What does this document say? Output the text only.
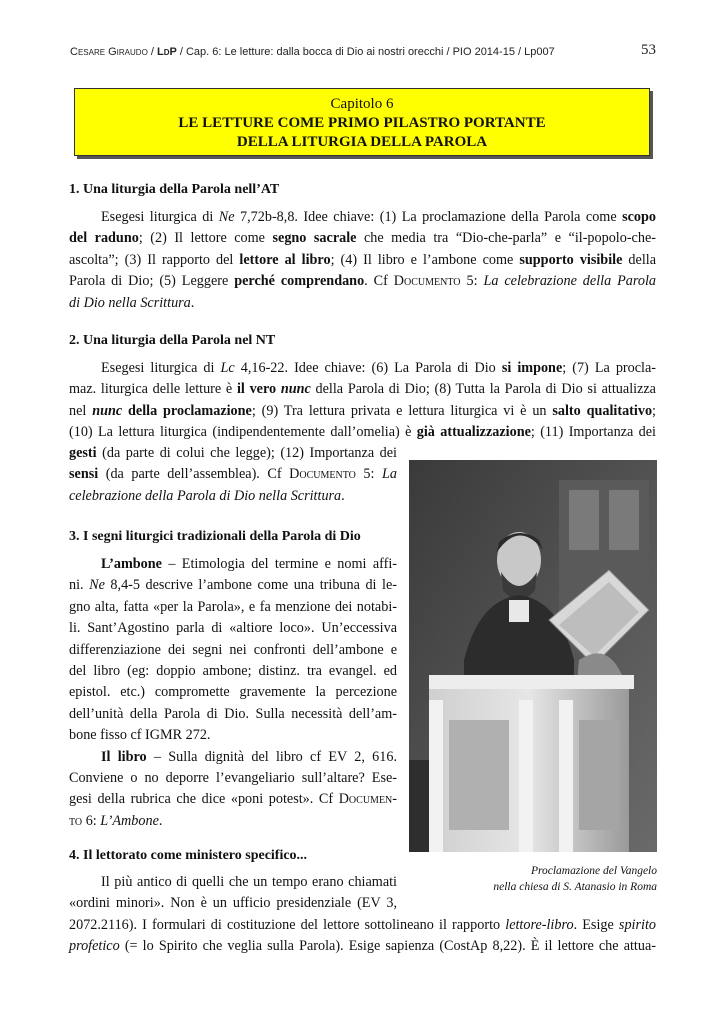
Cesare Giraudo / LdP / Cap. 6: Le letture: dalla bocca di Dio ai nostri orecchi / PIO 2014-15 / Lp007	53
Capitolo 6
LE LETTURE COME PRIMO PILASTRO PORTANTE
DELLA LITURGIA DELLA PAROLA
1. Una liturgia della Parola nell’AT
Esegesi liturgica di Ne 7,72b-8,8. Idee chiave: (1) La proclamazione della Parola come scopo
del raduno; (2) Il lettore come segno sacrale che media tra “Dio-che-parla” e “il-popolo-che-
ascolta”; (3) Il rapporto del lettore al libro; (4) Il libro e l’ambone come supporto visibile della
Parola di Dio; (5) Leggere perché comprendano. Cf Documento 5: La celebrazione della Parola
di Dio nella Scrittura.
2. Una liturgia della Parola nel NT
Esegesi liturgica di Lc 4,16-22. Idee chiave: (6) La Parola di Dio si impone; (7) La procla-
maz. liturgica delle letture è il vero nunc della Parola di Dio; (8) Tutta la Parola di Dio si attualizza
nel nunc della proclamazione; (9) Tra lettura privata e lettura liturgica vi è un salto qualitativo;
(10) La lettura liturgica (indipendentemente dall’omelia) è già attualizzazione; (11) Importanza dei
gesti (da parte di colui che legge); (12) Importanza dei
sensi (da parte dell’assemblea). Cf Documento 5: La
celebrazione della Parola di Dio nella Scrittura.
3. I segni liturgici tradizionali della Parola di Dio
L’ambone – Etimologia del termine e nomi affi-
ni. Ne 8,4-5 descrive l’ambone come una tribuna di le-
gno alta, fatta «per la Parola», e fa menzione dei notabi-
li. Sant’Agostino parla di «altiore loco». Un’eccessiva
differenziazione dei segni nei confronti dell’ambone e
del libro (eg: doppio ambone; distinz. tra evangel. ed
epistol. etc.) compromette gravemente la percezione
dell’unità della Parola di Dio. Sulla necessità dell’am-
bone fisso cf IGMR 272.
Il libro – Sulla dignità del libro cf EV 2, 616.
Conviene o no deporre l’evangeliario sull’altare? Ese-
gesi della rubrica che dice «poni potest». Cf Documen-
to 6: L’Ambone.
Proclamazione del Vangelo
nella chiesa di S. Atanasio in Roma
4. Il lettorato come ministero specifico...
Il più antico di quelli che un tempo erano chiamati
«ordini minori». Non è un ufficio presidenziale (EV 3,
2072.2116). I formulari di costituzione del lettore sottolineano il rapporto lettore-libro. Esige spirito
profetico (= lo Spirito che veglia sulla Parola). Esige sapienza (CostAp 8,22). È il lettore che attua-
